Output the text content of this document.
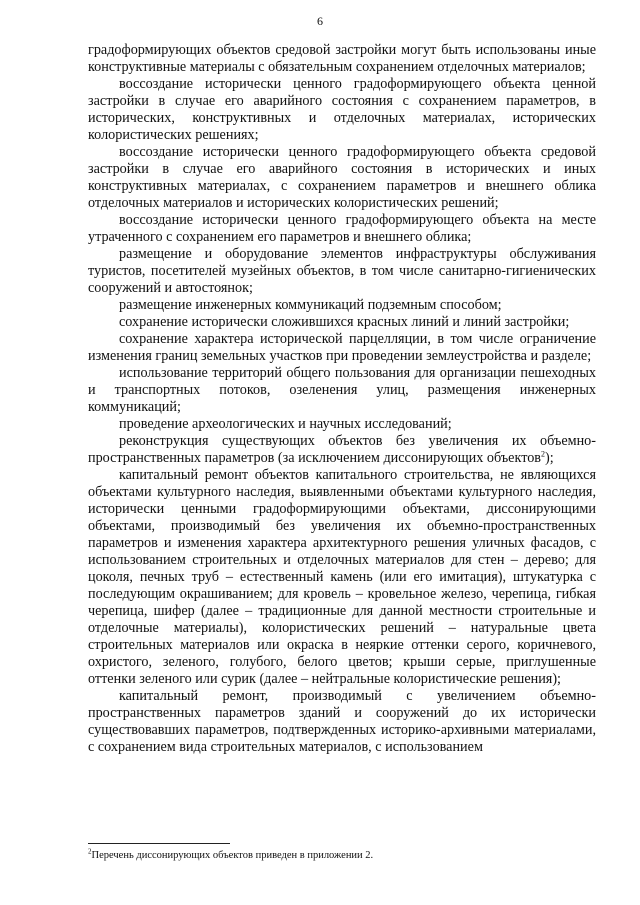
6

градоформирующих объектов средовой застройки могут быть использованы иные конструктивные материалы с обязательным сохранением отделочных материалов;

воссоздание исторически ценного градоформирующего объекта ценной застройки в случае его аварийного состояния с сохранением параметров, в исторических, конструктивных и отделочных материалах, исторических колористических решениях;

воссоздание исторически ценного градоформирующего объекта средовой застройки в случае его аварийного состояния в исторических и иных конструктивных материалах, с сохранением параметров и внешнего облика отделочных материалов и исторических колористических решений;

воссоздание исторически ценного градоформирующего объекта на месте утраченного с сохранением его параметров и внешнего облика;

размещение и оборудование элементов инфраструктуры обслуживания туристов, посетителей музейных объектов, в том числе санитарно-гигиенических сооружений и автостоянок;

размещение инженерных коммуникаций подземным способом;

сохранение исторически сложившихся красных линий и линий застройки;

сохранение характера исторической парцелляции, в том числе ограничение изменения границ земельных участков при проведении землеустройства и разделе;

использование территорий общего пользования для организации пешеходных и транспортных потоков, озеленения улиц, размещения инженерных коммуникаций;

проведение археологических и научных исследований;

реконструкция существующих объектов без увеличения их объемно-пространственных параметров (за исключением диссонирующих объектов$^2$);

капитальный ремонт объектов капитального строительства, не являющихся объектами культурного наследия, выявленными объектами культурного наследия, исторически ценными градоформирующими объектами, диссонирующими объектами, производимый без увеличения их объемно-пространственных параметров и изменения характера архитектурного решения уличных фасадов, с использованием строительных и отделочных материалов для стен – дерево; для цоколя, печных труб – естественный камень (или его имитация), штукатурка с последующим окрашиванием; для кровель – кровельное железо, черепица, гибкая черепица, шифер (далее – традиционные для данной местности строительные и отделочные материалы), колористических решений – натуральные цвета строительных материалов или окраска в неяркие оттенки серого, коричневого, охристого, зеленого, голубого, белого цветов; крыши серые, приглушенные оттенки зеленого или сурик (далее – нейтральные колористические решения);

капитальный ремонт, производимый с увеличением объемно-пространственных параметров зданий и сооружений до их исторически существовавших параметров, подтвержденных историко-архивными материалами, с сохранением вида строительных материалов, с использованием

$^2$Перечень диссонирующих объектов приведен в приложении 2.
